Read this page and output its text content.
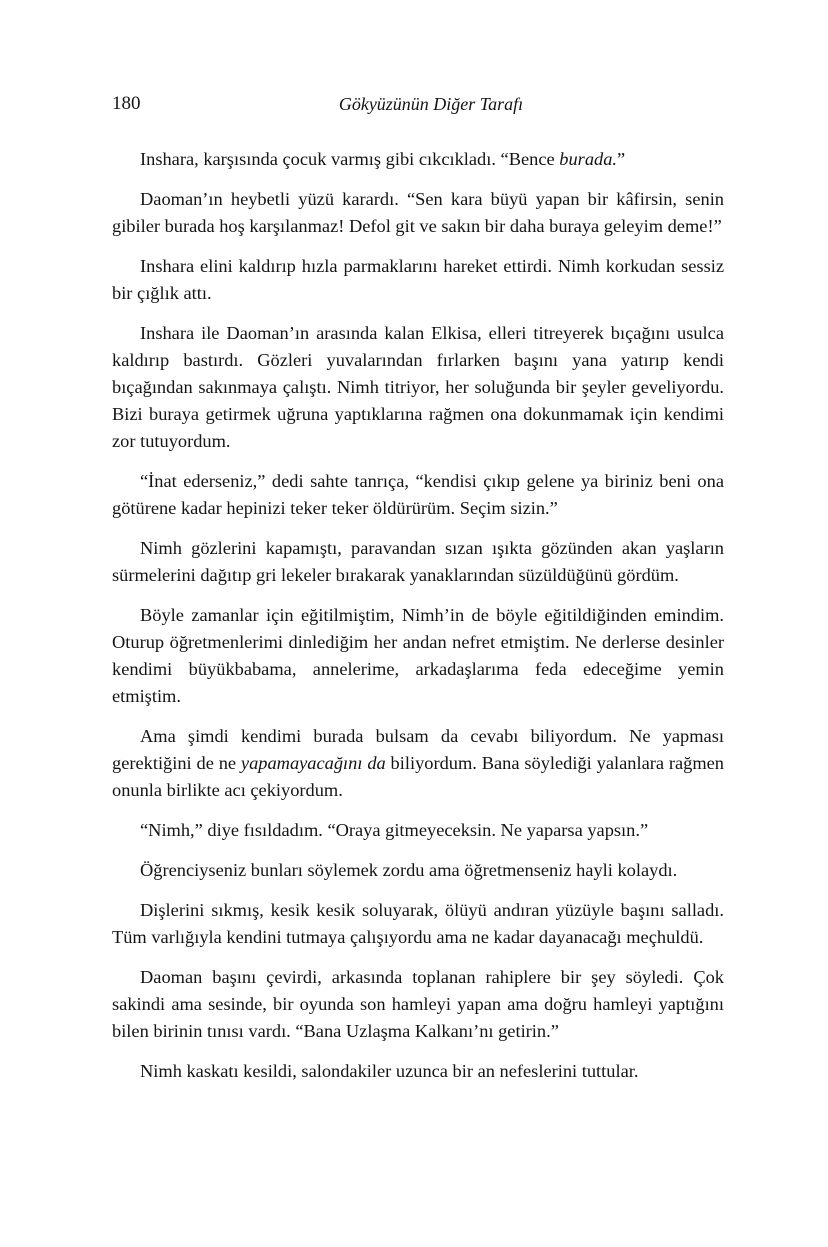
180	Gökyüzünün Diğer Tarafı

Inshara, karşısında çocuk varmış gibi cıkcıkladı. “Bence burada.”

Daoman’ın heybetli yüzü karardı. “Sen kara büyü yapan bir kâfirsin, senin gibiler burada hoş karşılanmaz! Defol git ve sakın bir daha buraya geleyim deme!”

Inshara elini kaldırıp hızla parmaklarını hareket ettirdi. Nimh korkudan sessiz bir çığlık attı.

Inshara ile Daoman’ın arasında kalan Elkisa, elleri titreyerek bıçağını usulca kaldırıp bastırdı. Gözleri yuvalarından fırlarken başını yana yatırıp kendi bıçağından sakınmaya çalıştı. Nimh titriyor, her soluğunda bir şeyler geveliyordu. Bizi buraya getirmek uğruna yaptıklarına rağmen ona dokunmamak için kendimi zor tutuyordum.

“İnat ederseniz,” dedi sahte tanrıça, “kendisi çıkıp gelene ya biriniz beni ona götürene kadar hepinizi teker teker öldürürüm. Seçim sizin.”

Nimh gözlerini kapamıştı, paravandan sızan ışıkta gözünden akan yaşların sürmelerini dağıtıp gri lekeler bırakarak yanaklarından süzüldüğünü gördüm.

Böyle zamanlar için eğitilmiştim, Nimh’in de böyle eğitildiğinden emindim. Oturup öğretmenlerimi dinlediğim her andan nefret etmiştim. Ne derlerse desinler kendimi büyükbabama, annelerime, arkadaşlarıma feda edeceğime yemin etmiştim.

Ama şimdi kendimi burada bulsam da cevabı biliyordum. Ne yapması gerektiğini de ne yapamayacağını da biliyordum. Bana söylediği yalanlara rağmen onunla birlikte acı çekiyordum.

“Nimh,” diye fısıldadım. “Oraya gitmeyeceksin. Ne yaparsa yapsın.”

Öğrenciyseniz bunları söylemek zordu ama öğretmenseniz hayli kolaydı.

Dişlerini sıkmış, kesik kesik soluyarak, ölüyü andıran yüzüyle başını salladı. Tüm varlığıyla kendini tutmaya çalışıyordu ama ne kadar dayanacağı meçhuldü.

Daoman başını çevirdi, arkasında toplanan rahiplere bir şey söyledi. Çok sakindi ama sesinde, bir oyunda son hamleyi yapan ama doğru hamleyi yaptığını bilen birinin tınısı vardı. “Bana Uzlaşma Kalkanı’nı getirin.”

Nimh kaskatı kesildi, salondakiler uzunca bir an nefeslerini tuttular.
